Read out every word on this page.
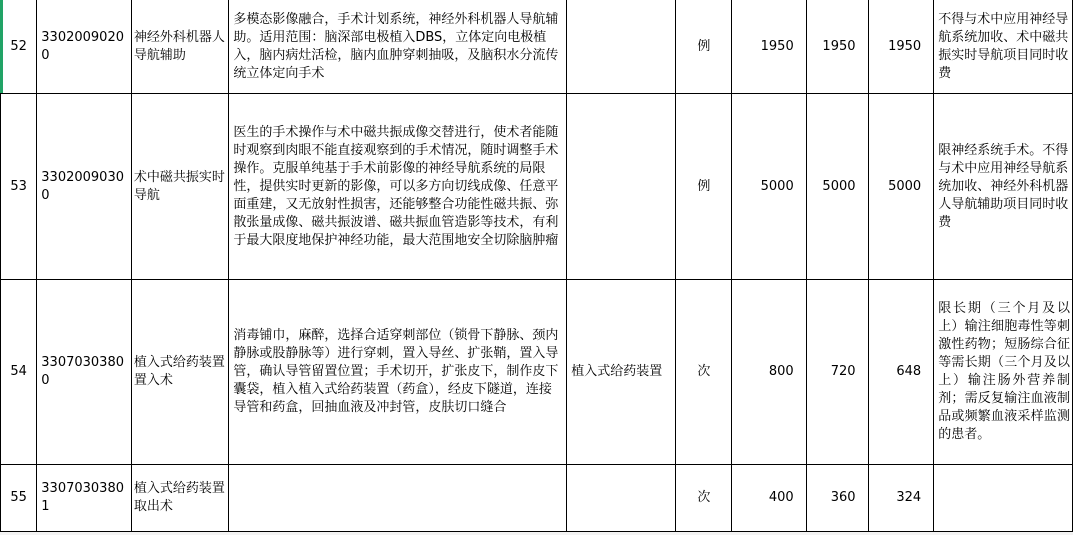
52	33020090200	神经外科机器人导航辅助	多模态影像融合，手术计划系统，神经外科机器人导航辅助。适用范围：脑深部电极植入DBS，立体定向电极植入，脑内病灶活检，脑内血肿穿刺抽吸，及脑积水分流传统立体定向手术		例	1950	1950	1950	不得与术中应用神经导航系统加收、术中磁共振实时导航项目同时收费
53	33020090300	术中磁共振实时导航	医生的手术操作与术中磁共振成像交替进行，使术者能随时观察到肉眼不能直接观察到的手术情况，随时调整手术操作。克服单纯基于手术前影像的神经导航系统的局限性，提供实时更新的影像，可以多方向切线成像、任意平面重建，又无放射性损害，还能够整合功能性磁共振、弥散张量成像、磁共振波谱、磁共振血管造影等技术，有利于最大限度地保护神经功能，最大范围地安全切除脑肿瘤		例	5000	5000	5000	限神经系统手术。不得与术中应用神经导航系统加收、神经外科机器人导航辅助项目同时收费
54	33070303800	植入式给药装置置入术	消毒铺巾，麻醉，选择合适穿刺部位（锁骨下静脉、颈内静脉或股静脉等）进行穿刺，置入导丝、扩张鞘，置入导管，确认导管留置位置；手术切开，扩张皮下，制作皮下囊袋，植入植入式给药装置（药盒），经皮下隧道，连接导管和药盒，回抽血液及冲封管，皮肤切口缝合	植入式给药装置	次	800	720	648	限长期（三个月及以上）输注细胞毒性等刺激性药物；短肠综合征等需长期（三个月及以上）输注肠外营养制剂；需反复输注血液制品或频繁血液采样监测的患者。
55	33070303801	植入式给药装置取出术			次	400	360	324	
